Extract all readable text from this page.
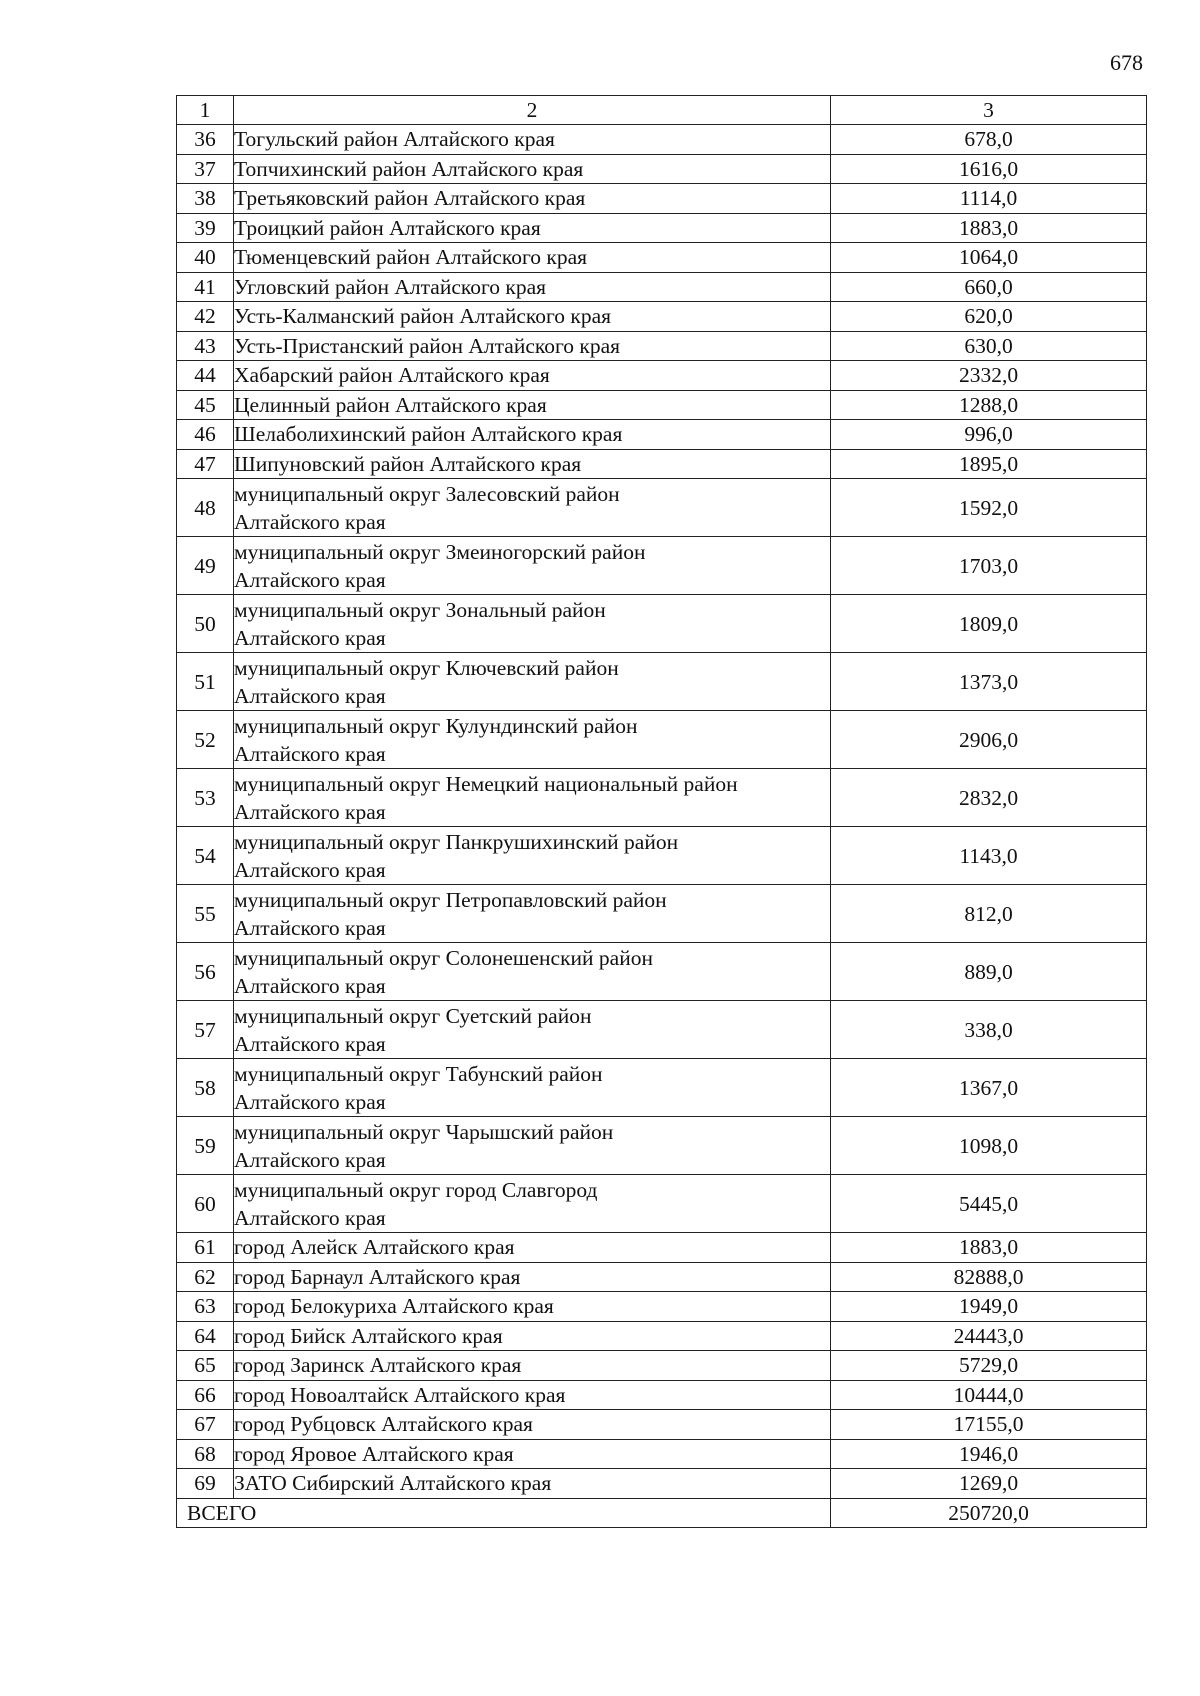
678
1	2	3
36	Тогульский район Алтайского края	678,0
37	Топчихинский район Алтайского края	1616,0
38	Третьяковский район Алтайского края	1114,0
39	Троицкий район Алтайского края	1883,0
40	Тюменцевский район Алтайского края	1064,0
41	Угловский район Алтайского края	660,0
42	Усть-Калманский район Алтайского края	620,0
43	Усть-Пристанский район Алтайского края	630,0
44	Хабарский район Алтайского края	2332,0
45	Целинный район Алтайского края	1288,0
46	Шелаболихинский район Алтайского края	996,0
47	Шипуновский район Алтайского края	1895,0
48	муниципальный округ Залесовский район
Алтайского края	1592,0
49	муниципальный округ Змеиногорский район
Алтайского края	1703,0
50	муниципальный округ Зональный район
Алтайского края	1809,0
51	муниципальный округ Ключевский район
Алтайского края	1373,0
52	муниципальный округ Кулундинский район
Алтайского края	2906,0
53	муниципальный округ Немецкий национальный район
Алтайского края	2832,0
54	муниципальный округ Панкрушихинский район
Алтайского края	1143,0
55	муниципальный округ Петропавловский район
Алтайского края	812,0
56	муниципальный округ Солонешенский район
Алтайского края	889,0
57	муниципальный округ Суетский район
Алтайского края	338,0
58	муниципальный округ Табунский район
Алтайского края	1367,0
59	муниципальный округ Чарышский район
Алтайского края	1098,0
60	муниципальный округ город Славгород
Алтайского края	5445,0
61	город Алейск Алтайского края	1883,0
62	город Барнаул Алтайского края	82888,0
63	город Белокуриха Алтайского края	1949,0
64	город Бийск Алтайского края	24443,0
65	город Заринск Алтайского края	5729,0
66	город Новоалтайск Алтайского края	10444,0
67	город Рубцовск Алтайского края	17155,0
68	город Яровое Алтайского края	1946,0
69	ЗАТО Сибирский Алтайского края	1269,0
ВСЕГО		250720,0
